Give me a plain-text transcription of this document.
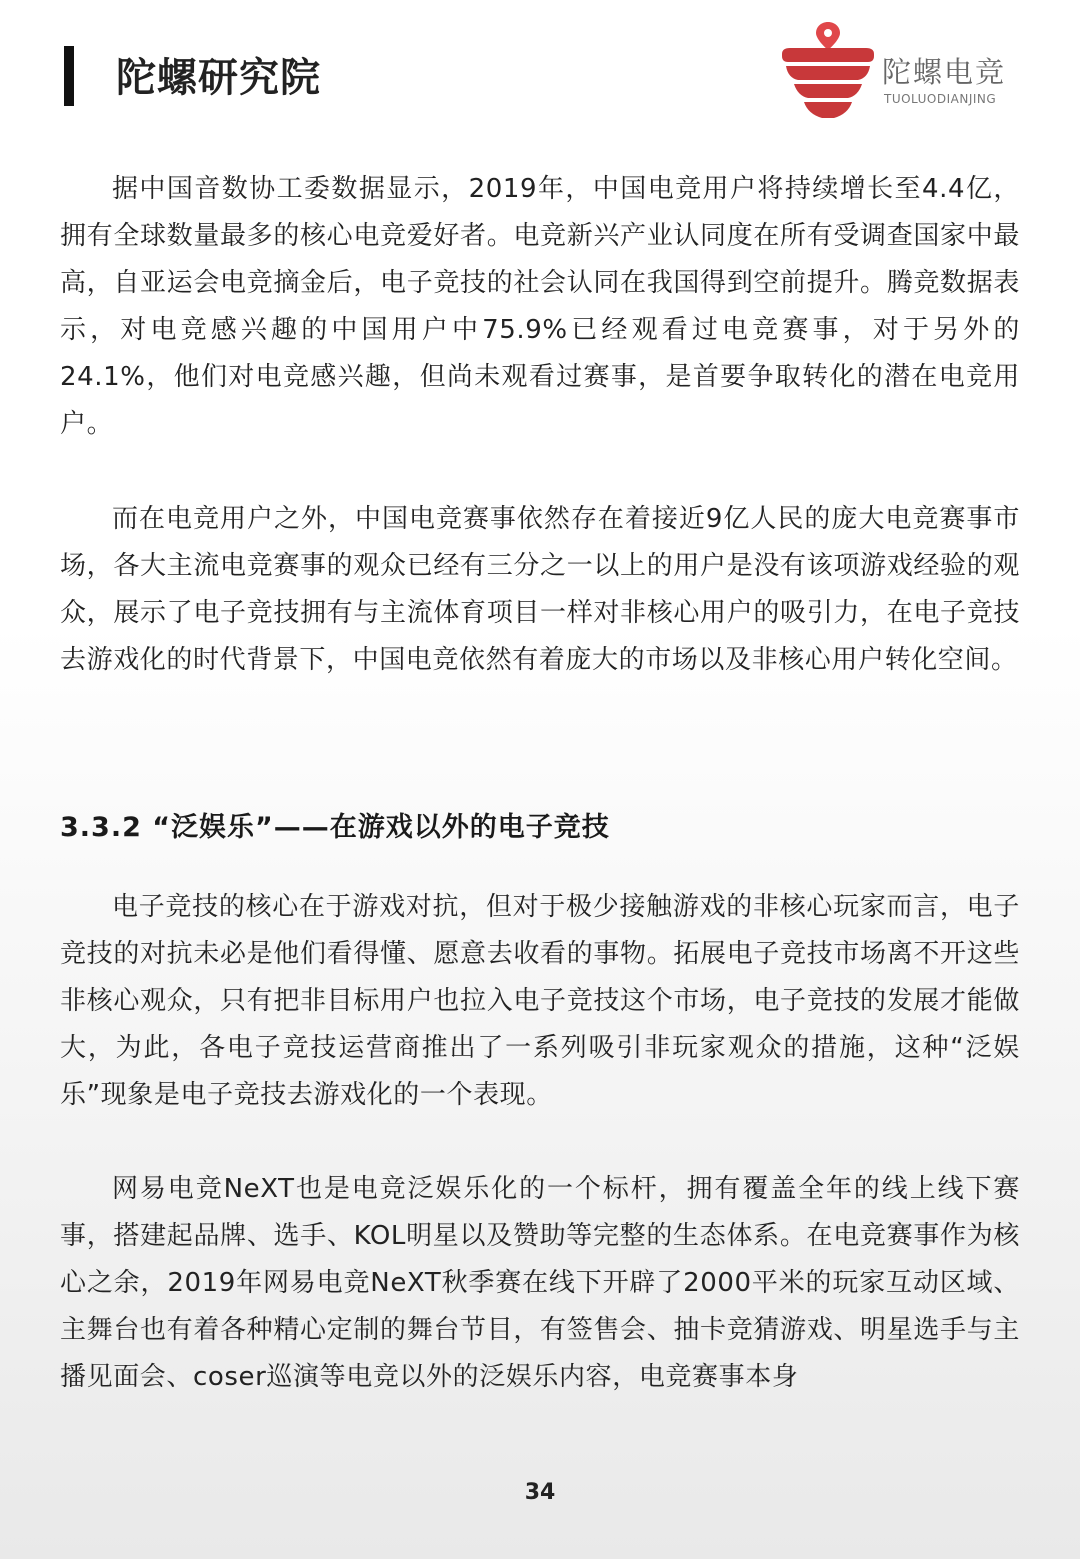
陀螺研究院	陀螺电竞
TUOLUODIANJING

据中国音数协工委数据显示，2019年，中国电竞用户将持续增长至4.4亿，拥有全球数量最多的核心电竞爱好者。电竞新兴产业认同度在所有受调查国家中最高，自亚运会电竞摘金后，电子竞技的社会认同在我国得到空前提升。腾竞数据表示，对电竞感兴趣的中国用户中75.9%已经观看过电竞赛事，对于另外的24.1%，他们对电竞感兴趣，但尚未观看过赛事，是首要争取转化的潜在电竞用户。

而在电竞用户之外，中国电竞赛事依然存在着接近9亿人民的庞大电竞赛事市场，各大主流电竞赛事的观众已经有三分之一以上的用户是没有该项游戏经验的观众，展示了电子竞技拥有与主流体育项目一样对非核心用户的吸引力，在电子竞技去游戏化的时代背景下，中国电竞依然有着庞大的市场以及非核心用户转化空间。

3.3.2 “泛娱乐”——在游戏以外的电子竞技

电子竞技的核心在于游戏对抗，但对于极少接触游戏的非核心玩家而言，电子竞技的对抗未必是他们看得懂、愿意去收看的事物。拓展电子竞技市场离不开这些非核心观众，只有把非目标用户也拉入电子竞技这个市场，电子竞技的发展才能做大，为此，各电子竞技运营商推出了一系列吸引非玩家观众的措施，这种“泛娱乐”现象是电子竞技去游戏化的一个表现。

网易电竞NeXT也是电竞泛娱乐化的一个标杆，拥有覆盖全年的线上线下赛事，搭建起品牌、选手、KOL明星以及赞助等完整的生态体系。在电竞赛事作为核心之余，2019年网易电竞NeXT秋季赛在线下开辟了2000平米的玩家互动区域、主舞台也有着各种精心定制的舞台节目，有签售会、抽卡竞猜游戏、明星选手与主播见面会、coser巡演等电竞以外的泛娱乐内容，电竞赛事本身

34
